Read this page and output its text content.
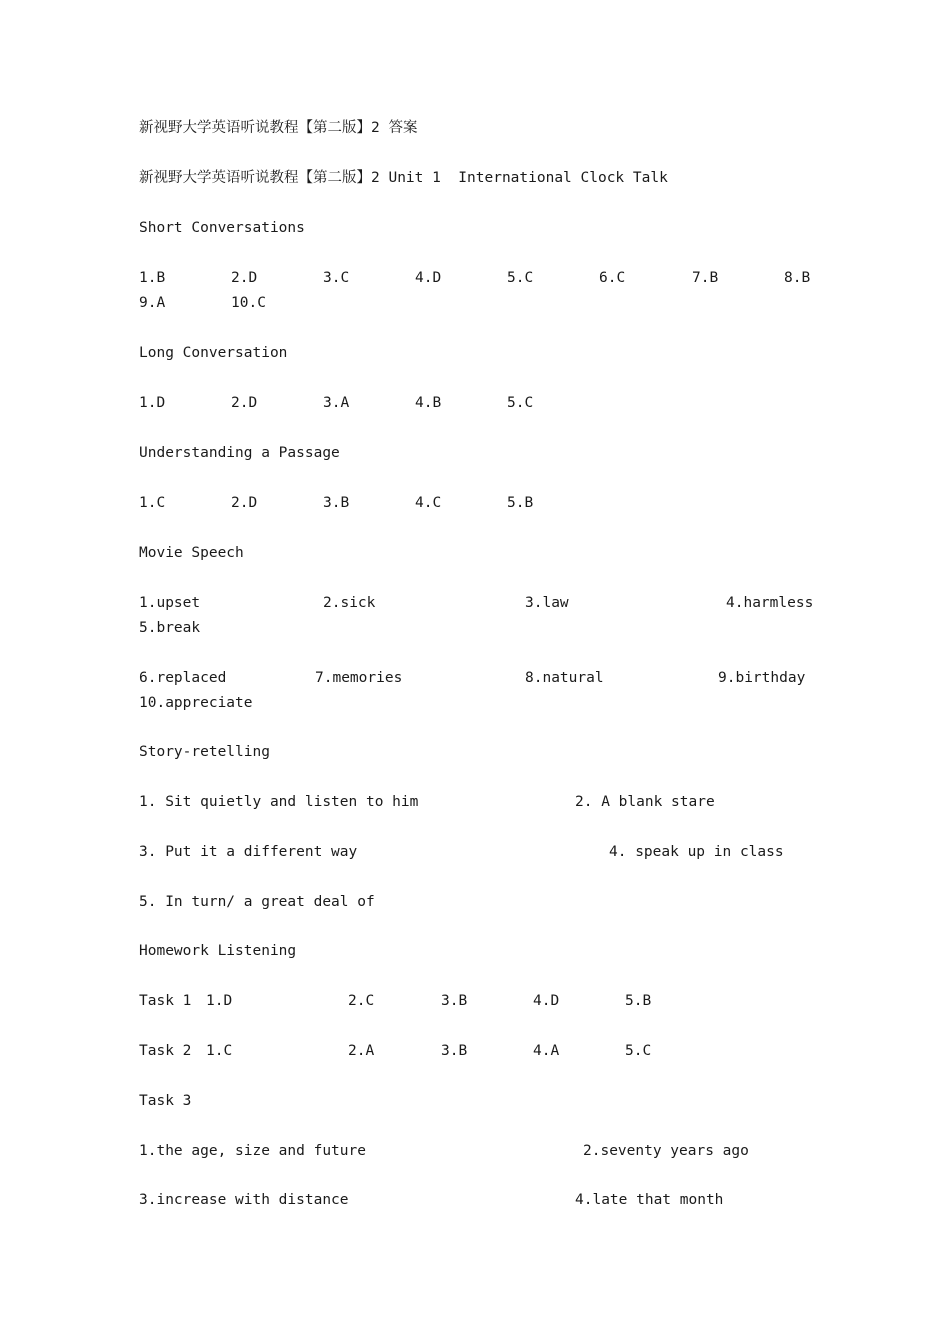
新视野大学英语听说教程【第二版】2 答案
新视野大学英语听说教程【第二版】2 Unit 1  International Clock Talk
Short Conversations

1.B

	2.D

	3.C

	4.D

	5.C

	6.C

	7.B

	8.B

9.A

	10.C

Long Conversation

1.D

	2.D

	3.A

	4.B

	5.C

Understanding a Passage

1.C

	2.D

	3.B

	4.C

	5.B

Movie Speech

1.upset

	2.sick

	3.law

	4.harmless

5.break

6.replaced

	7.memories

	8.natural

	9.birthday

10.appreciate

Story-retelling

1. Sit quietly and listen to him

	2. A blank stare

3. Put it a different way

	4. speak up in class

5. In turn/ a great deal of

Homework Listening

Task 1

1.D

	2.C

	3.B

	4.D

	5.B

Task 2

1.C

	2.A

	3.B

	4.A

	5.C

Task 3

1.the age, size and future

	2.seventy years ago

3.increase with distance

	4.late that month
